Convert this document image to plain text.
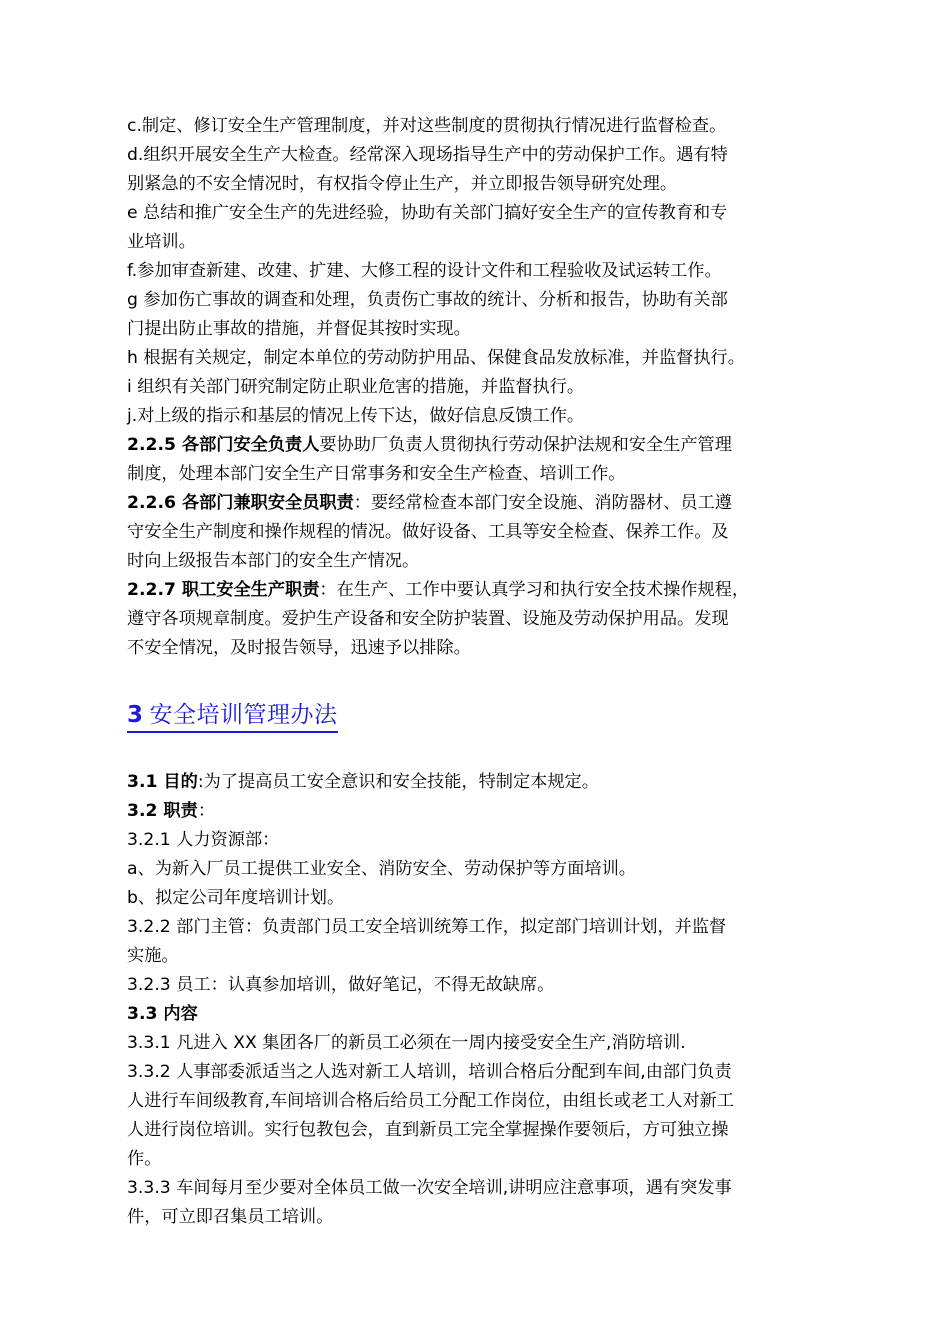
c.制定、修订安全生产管理制度，并对这些制度的贯彻执行情况进行监督检查。

d.组织开展安全生产大检查。经常深入现场指导生产中的劳动保护工作。遇有特

别紧急的不安全情况时，有权指令停止生产，并立即报告领导研究处理。

e 总结和推广安全生产的先进经验，协助有关部门搞好安全生产的宣传教育和专

业培训。

f.参加审查新建、改建、扩建、大修工程的设计文件和工程验收及试运转工作。

g 参加伤亡事故的调查和处理，负责伤亡事故的统计、分析和报告，协助有关部

门提出防止事故的措施，并督促其按时实现。

h 根据有关规定，制定本单位的劳动防护用品、保健食品发放标准，并监督执行。

i 组织有关部门研究制定防止职业危害的措施，并监督执行。

j.对上级的指示和基层的情况上传下达，做好信息反馈工作。

2.2.5 各部门安全负责人要协助厂负责人贯彻执行劳动保护法规和安全生产管理

制度，处理本部门安全生产日常事务和安全生产检查、培训工作。

2.2.6 各部门兼职安全员职责：要经常检查本部门安全设施、消防器材、员工遵

守安全生产制度和操作规程的情况。做好设备、工具等安全检查、保养工作。及

时向上级报告本部门的安全生产情况。

2.2.7 职工安全生产职责：在生产、工作中要认真学习和执行安全技术操作规程，

遵守各项规章制度。爱护生产设备和安全防护装置、设施及劳动保护用品。发现

不安全情况，及时报告领导，迅速予以排除。

3 安全培训管理办法

3.1 目的:为了提高员工安全意识和安全技能，特制定本规定。

3.2 职责：

3.2.1 人力资源部：

a、为新入厂员工提供工业安全、消防安全、劳动保护等方面培训。

b、拟定公司年度培训计划。

3.2.2 部门主管：负责部门员工安全培训统筹工作，拟定部门培训计划，并监督

实施。

3.2.3 员工：认真参加培训，做好笔记，不得无故缺席。

3.3 内容

3.3.1 凡进入 XX 集团各厂的新员工必须在一周内接受安全生产,消防培训.

3.3.2 人事部委派适当之人选对新工人培训，培训合格后分配到车间,由部门负责

人进行车间级教育,车间培训合格后给员工分配工作岗位，由组长或老工人对新工

人进行岗位培训。实行包教包会，直到新员工完全掌握操作要领后，方可独立操

作。

3.3.3 车间每月至少要对全体员工做一次安全培训,讲明应注意事项，遇有突发事

件，可立即召集员工培训。
